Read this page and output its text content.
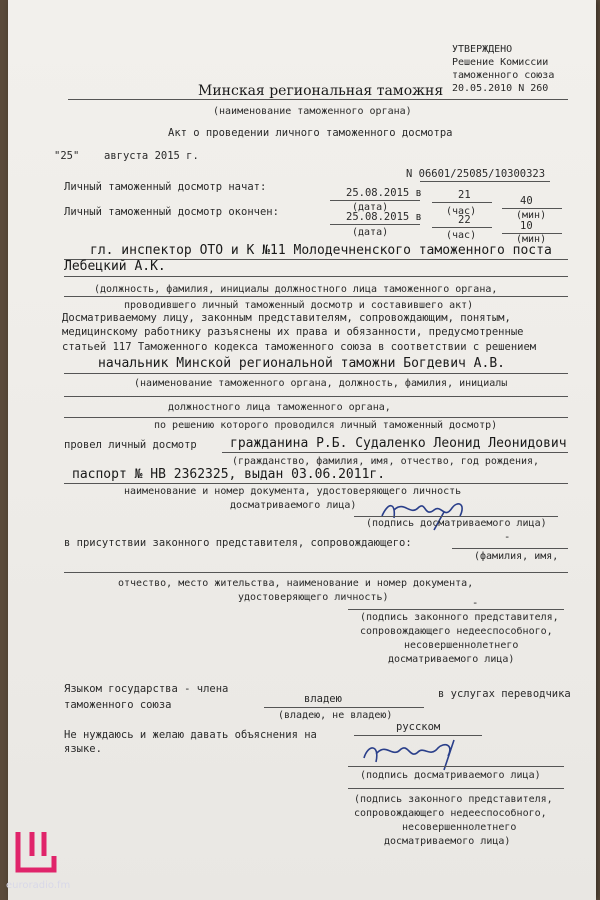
УТВЕРЖДЕНО
Решение Комиссии
таможенного союза
20.05.2010 N 260
Минская региональная таможня
(наименование таможенного органа)
Акт о проведении личного таможенного досмотра
"25" августа 2015 г.
N 06601/25085/10300323
Личный таможенный досмотр начат:	25.08.2015 в	21	40
(дата)	(час)	(мин)
Личный таможенный досмотр окончен:	25.08.2015 в	22	10
(дата)	(час)	(мин)
гл. инспектор ОТО и К №11 Молодечненского таможенного поста
Лебецкий А.К.
(должность, фамилия, инициалы должностного лица таможенного органа,
проводившего личный таможенный досмотр и составившего акт)
Досматриваемому лицу, законным представителям, сопровождающим, понятым,
медицинскому работнику разъяснены их права и обязанности, предусмотренные
статьей 117 Таможенного кодекса таможенного союза в соответствии с решением
начальник Минской региональной таможни Богдевич А.В.
(наименование таможенного органа, должность, фамилия, инициалы
должностного лица таможенного органа,
по решению которого проводился личный таможенный досмотр)
провел личный досмотр	гражданина Р.Б. Судаленко Леонид Леонидович
(гражданство, фамилия, имя, отчество, год рождения,
паспорт № НВ 2362325, выдан 03.06.2011г.
наименование и номер документа, удостоверяющего личность
досматриваемого лица)
(подпись досматриваемого лица)
в присутствии законного представителя, сопровождающего:	-
(фамилия, имя,
отчество, место жительства, наименование и номер документа,
удостоверяющего личность)	-
(подпись законного представителя,
сопровождающего недееспособного,
несовершеннолетнего
досматриваемого лица)
Языком государства - члена
таможенного союза	владею
(владею, не владею)
в услугах переводчика
Не нуждаюсь и желаю давать объяснения на
русском
языке.
(подпись досматриваемого лица)
(подпись законного представителя,
сопровождающего недееспособного,
несовершеннолетнего
досматриваемого лица)
euroradio.fm
